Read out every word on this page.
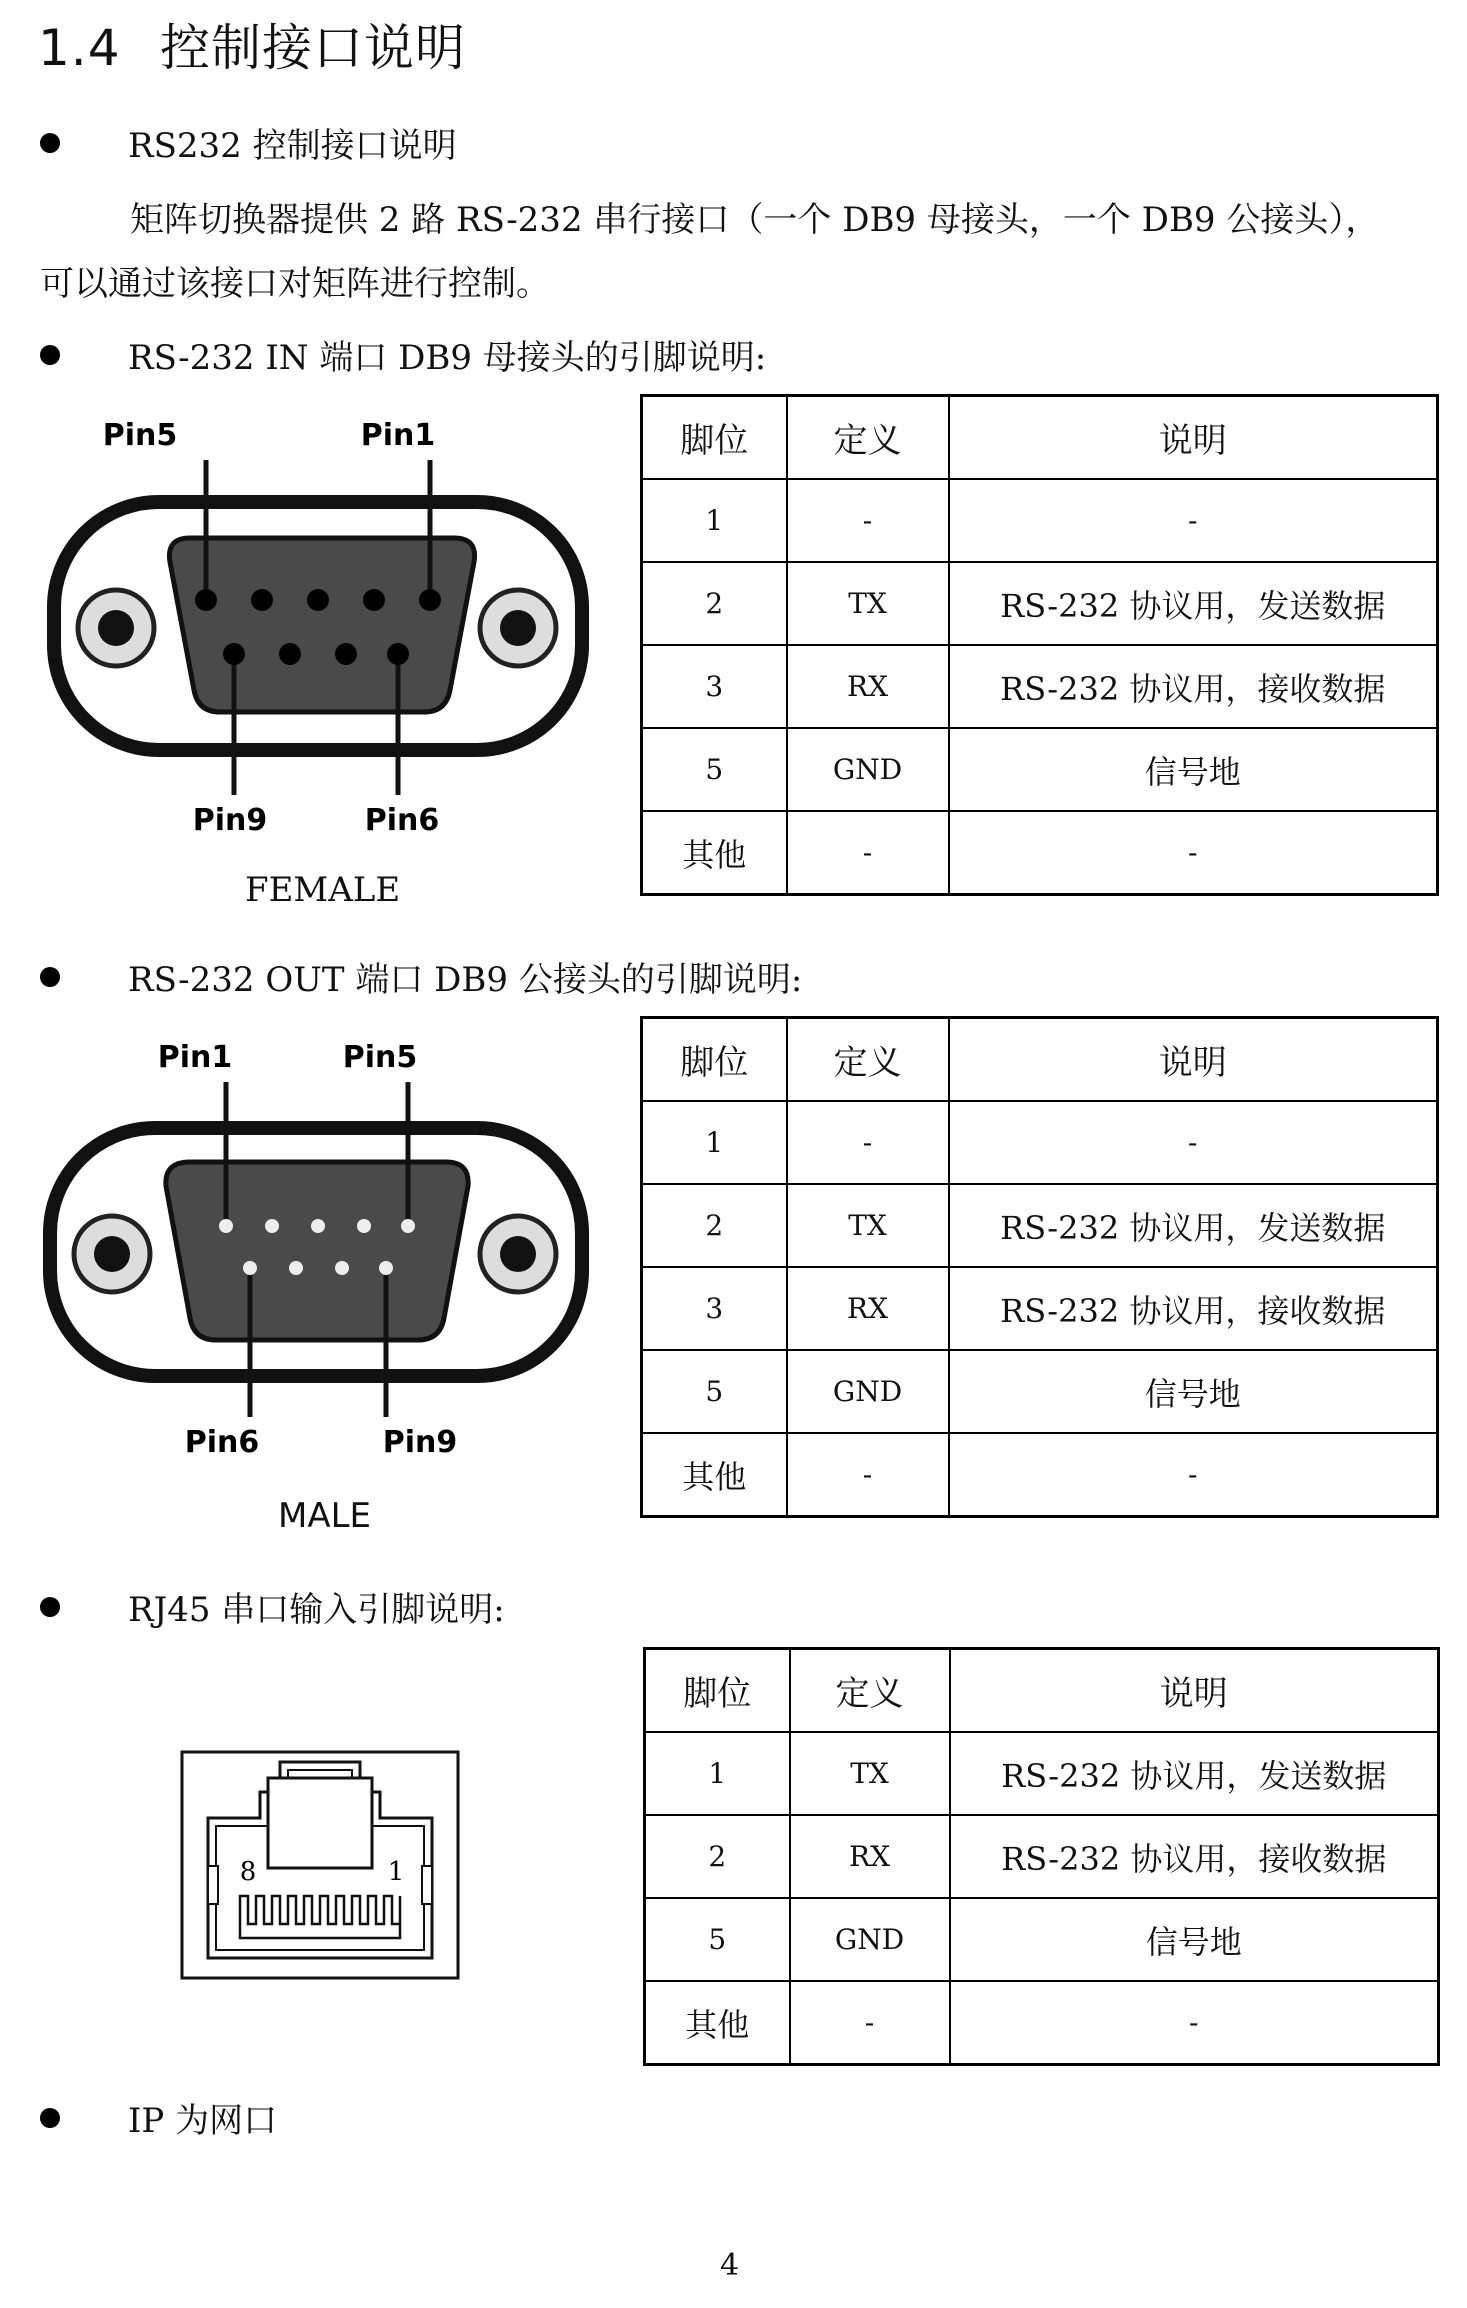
1.4 控制接口说明
RS232 控制接口说明
矩阵切换器提供 2 路 RS-232 串行接口（一个 DB9 母接头，一个 DB9 公接头），
可以通过该接口对矩阵进行控制。
RS-232 IN 端口 DB9 母接头的引脚说明:
Pin5	Pin1
Pin9	Pin6
FEMALE
脚位	定义	说明
1	-	-
2	TX	RS-232 协议用，发送数据
3	RX	RS-232 协议用，接收数据
5	GND	信号地
其他	-	-
RS-232 OUT 端口 DB9 公接头的引脚说明:
Pin1	Pin5
Pin6	Pin9
MALE
脚位	定义	说明
1	-	-
2	TX	RS-232 协议用，发送数据
3	RX	RS-232 协议用，接收数据
5	GND	信号地
其他	-	-
RJ45 串口输入引脚说明:
8	1
脚位	定义	说明
1	TX	RS-232 协议用，发送数据
2	RX	RS-232 协议用，接收数据
5	GND	信号地
其他	-	-
IP 为网口
4
